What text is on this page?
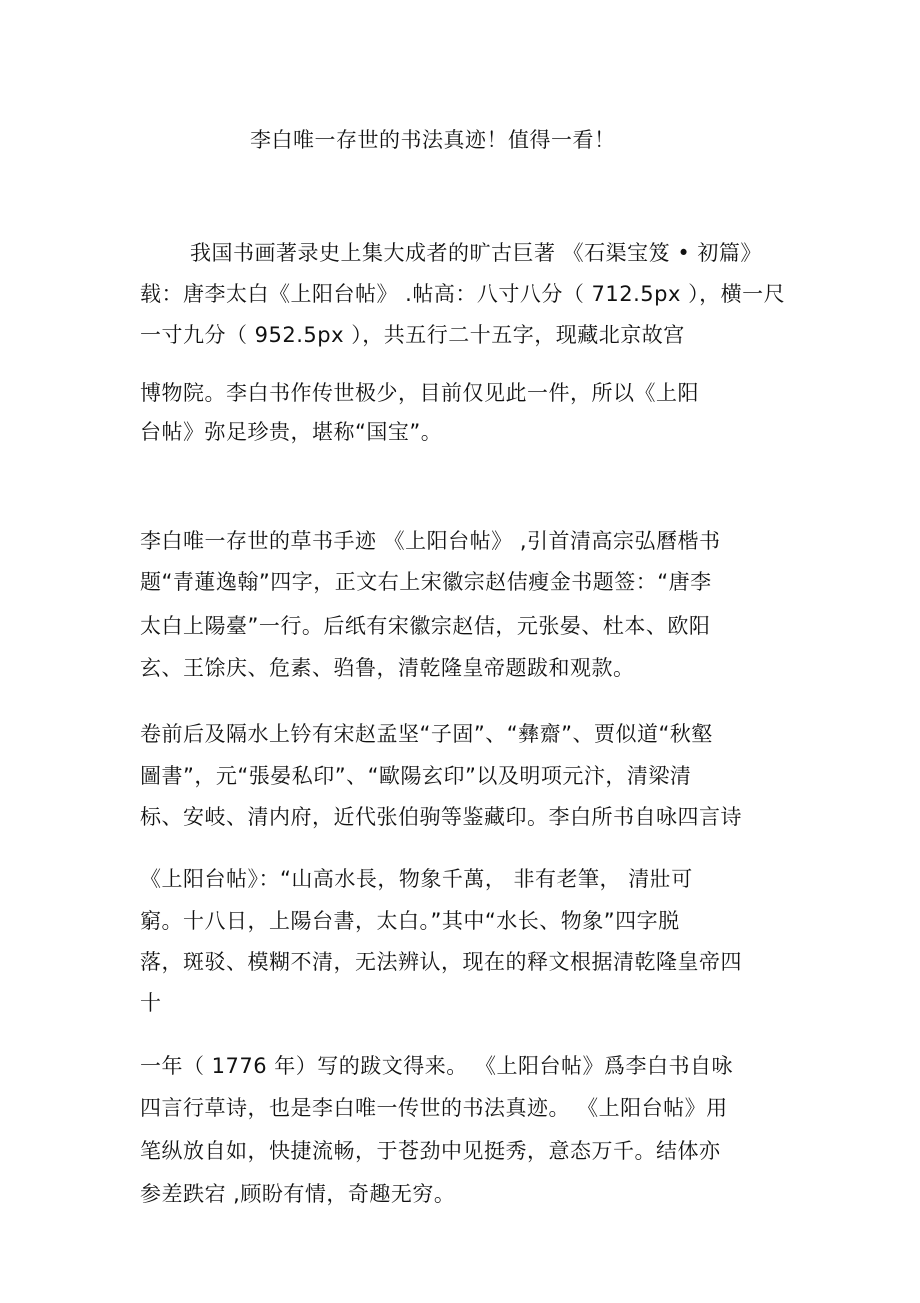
李白唯一存世的书法真迹！值得一看！
我国书画著录史上集大成者的旷古巨著 《石渠宝笈 • 初篇》
载：唐李太白《上阳台帖》 .帖高：八寸八分（ 712.5px ），横一尺
一寸九分（ 952.5px ），共五行二十五字，现藏北京故宫
博物院。李白书作传世极少，目前仅见此一件，所以《上阳
台帖》弥足珍贵，堪称“国宝”。
李白唯一存世的草书手迹 《上阳台帖》 ,引首清高宗弘曆楷书
题“青蓮逸翰”四字，正文右上宋徽宗赵佶瘦金书题签：“唐李
太白上陽臺”一行。后纸有宋徽宗赵佶，元张晏、杜本、欧阳
玄、王馀庆、危素、驺鲁，清乾隆皇帝题跋和观款。
卷前后及隔水上钤有宋赵孟坚“子固”、“彝齋”、贾似道“秋壑
圖書”，元“張晏私印”、“歐陽玄印”以及明项元汴，清梁清
标、安岐、清内府，近代张伯驹等鉴藏印。李白所书自咏四言诗
《上阳台帖》：“山高水長，物象千萬， 非有老筆， 清壯可
窮。十八日，上陽台書，太白。”其中“水长、物象”四字脱
落，斑驳、模糊不清，无法辨认，现在的释文根据清乾隆皇帝四
十
一年（ 1776 年）写的跋文得来。 《上阳台帖》爲李白书自咏
四言行草诗，也是李白唯一传世的书法真迹。 《上阳台帖》用
笔纵放自如，快捷流畅，于苍劲中见挺秀，意态万千。结体亦
参差跌宕 ,顾盼有情，奇趣无穷。
